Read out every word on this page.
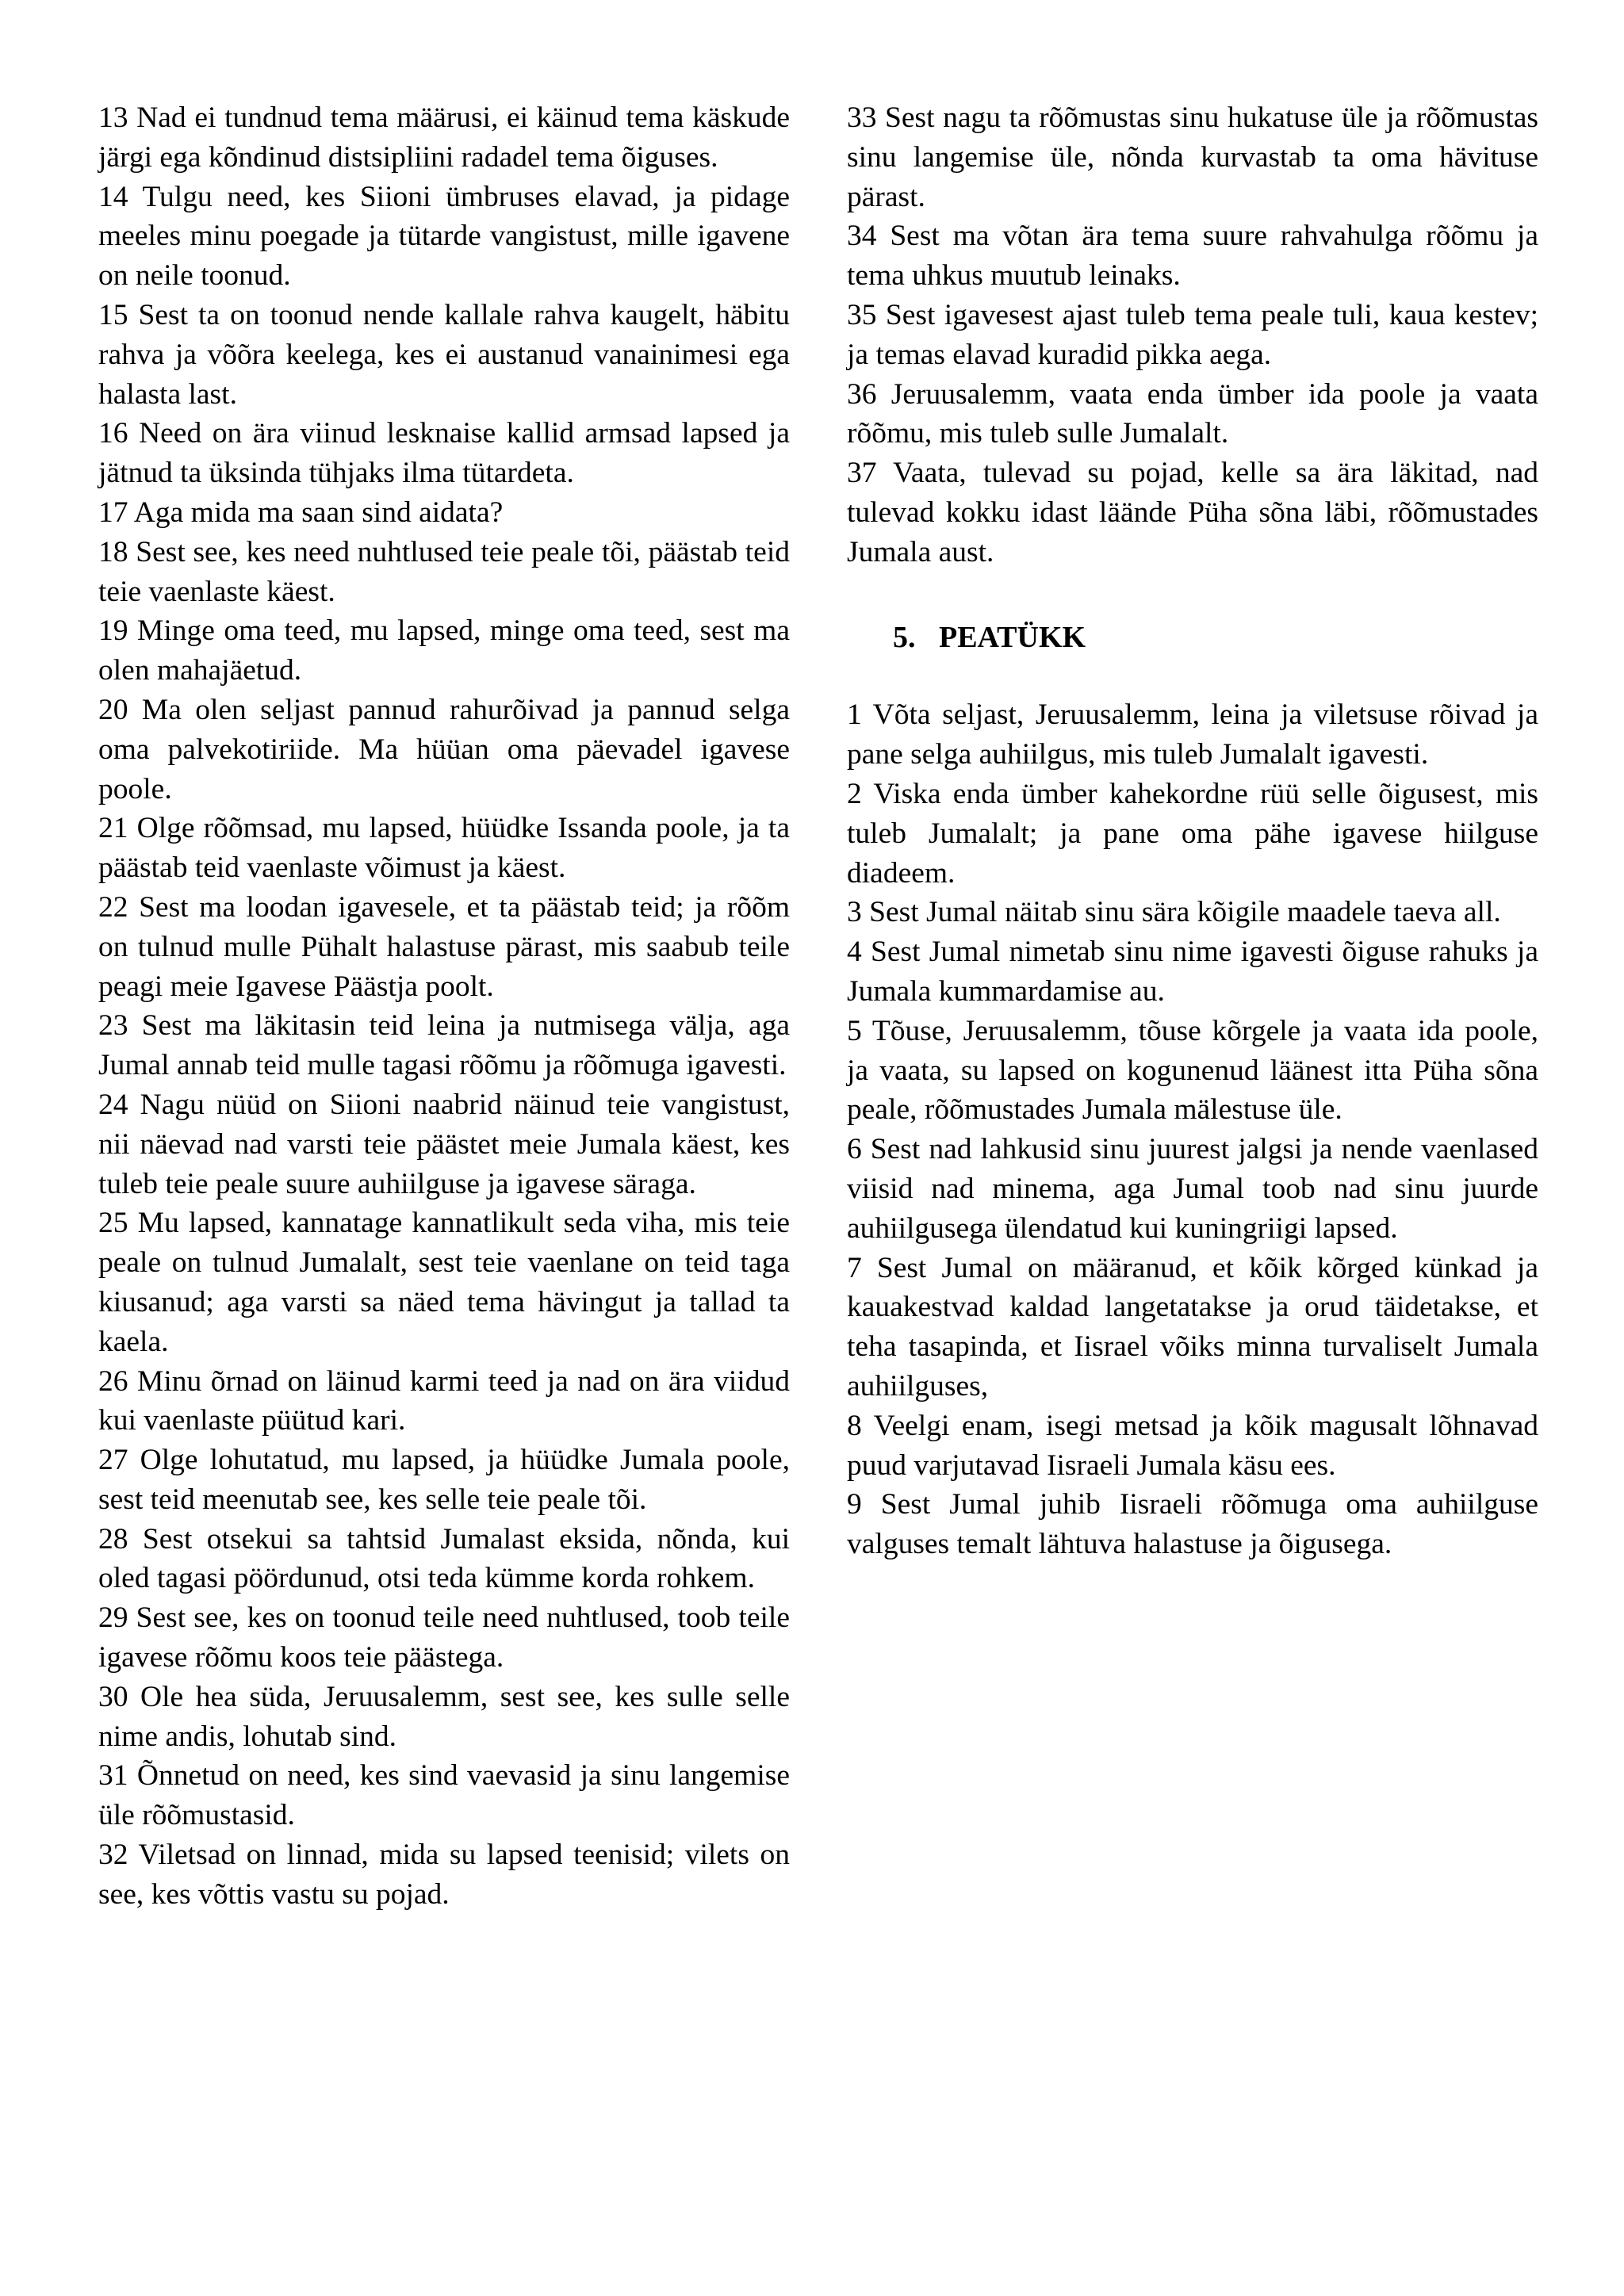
13 Nad ei tundnud tema määrusi, ei käinud tema käskude järgi ega kõndinud distsipliini radadel tema õiguses.

14 Tulgu need, kes Siioni ümbruses elavad, ja pidage meeles minu poegade ja tütarde vangistust, mille igavene on neile toonud.

15 Sest ta on toonud nende kallale rahva kaugelt, häbitu rahva ja võõra keelega, kes ei austanud vanainimesi ega halasta last.

16 Need on ära viinud lesknaise kallid armsad lapsed ja jätnud ta üksinda tühjaks ilma tütardeta.

17 Aga mida ma saan sind aidata?

18 Sest see, kes need nuhtlused teie peale tõi, päästab teid teie vaenlaste käest.

19 Minge oma teed, mu lapsed, minge oma teed, sest ma olen mahajäetud.

20 Ma olen seljast pannud rahurõivad ja pannud selga oma palvekotiriide. Ma hüüan oma päevadel igavese poole.

21 Olge rõõmsad, mu lapsed, hüüdke Issanda poole, ja ta päästab teid vaenlaste võimust ja käest.

22 Sest ma loodan igavesele, et ta päästab teid; ja rõõm on tulnud mulle Pühalt halastuse pärast, mis saabub teile peagi meie Igavese Päästja poolt.

23 Sest ma läkitasin teid leina ja nutmisega välja, aga Jumal annab teid mulle tagasi rõõmu ja rõõmuga igavesti.

24 Nagu nüüd on Siioni naabrid näinud teie vangistust, nii näevad nad varsti teie päästet meie Jumala käest, kes tuleb teie peale suure auhiilguse ja igavese säraga.

25 Mu lapsed, kannatage kannatlikult seda viha, mis teie peale on tulnud Jumalalt, sest teie vaenlane on teid taga kiusanud; aga varsti sa näed tema hävingut ja tallad ta kaela.

26 Minu õrnad on läinud karmi teed ja nad on ära viidud kui vaenlaste püütud kari.

27 Olge lohutatud, mu lapsed, ja hüüdke Jumala poole, sest teid meenutab see, kes selle teie peale tõi.

28 Sest otsekui sa tahtsid Jumalast eksida, nõnda, kui oled tagasi pöördunud, otsi teda kümme korda rohkem.

29 Sest see, kes on toonud teile need nuhtlused, toob teile igavese rõõmu koos teie päästega.

30 Ole hea süda, Jeruusalemm, sest see, kes sulle selle nime andis, lohutab sind.

31 Õnnetud on need, kes sind vaevasid ja sinu langemise üle rõõmustasid.

32 Viletsad on linnad, mida su lapsed teenisid; vilets on see, kes võttis vastu su pojad.

33 Sest nagu ta rõõmustas sinu hukatuse üle ja rõõmustas sinu langemise üle, nõnda kurvastab ta oma hävituse pärast.

34 Sest ma võtan ära tema suure rahvahulga rõõmu ja tema uhkus muutub leinaks.

35 Sest igavesest ajast tuleb tema peale tuli, kaua kestev; ja temas elavad kuradid pikka aega.

36 Jeruusalemm, vaata enda ümber ida poole ja vaata rõõmu, mis tuleb sulle Jumalalt.

37 Vaata, tulevad su pojad, kelle sa ära läkitad, nad tulevad kokku idast läände Püha sõna läbi, rõõmustades Jumala aust.

5. PEATÜKK

1 Võta seljast, Jeruusalemm, leina ja viletsuse rõivad ja pane selga auhiilgus, mis tuleb Jumalalt igavesti.

2 Viska enda ümber kahekordne rüü selle õigusest, mis tuleb Jumalalt; ja pane oma pähe igavese hiilguse diadeem.

3 Sest Jumal näitab sinu sära kõigile maadele taeva all.

4 Sest Jumal nimetab sinu nime igavesti õiguse rahuks ja Jumala kummardamise au.

5 Tõuse, Jeruusalemm, tõuse kõrgele ja vaata ida poole, ja vaata, su lapsed on kogunenud läänest itta Püha sõna peale, rõõmustades Jumala mälestuse üle.

6 Sest nad lahkusid sinu juurest jalgsi ja nende vaenlased viisid nad minema, aga Jumal toob nad sinu juurde auhiilgusega ülendatud kui kuningriigi lapsed.

7 Sest Jumal on määranud, et kõik kõrged künkad ja kauakestvad kaldad langetatakse ja orud täidetakse, et teha tasapinda, et Iisrael võiks minna turvaliselt Jumala auhiilguses,

8 Veelgi enam, isegi metsad ja kõik magusalt lõhnavad puud varjutavad Iisraeli Jumala käsu ees.

9 Sest Jumal juhib Iisraeli rõõmuga oma auhiilguse valguses temalt lähtuva halastuse ja õigusega.
